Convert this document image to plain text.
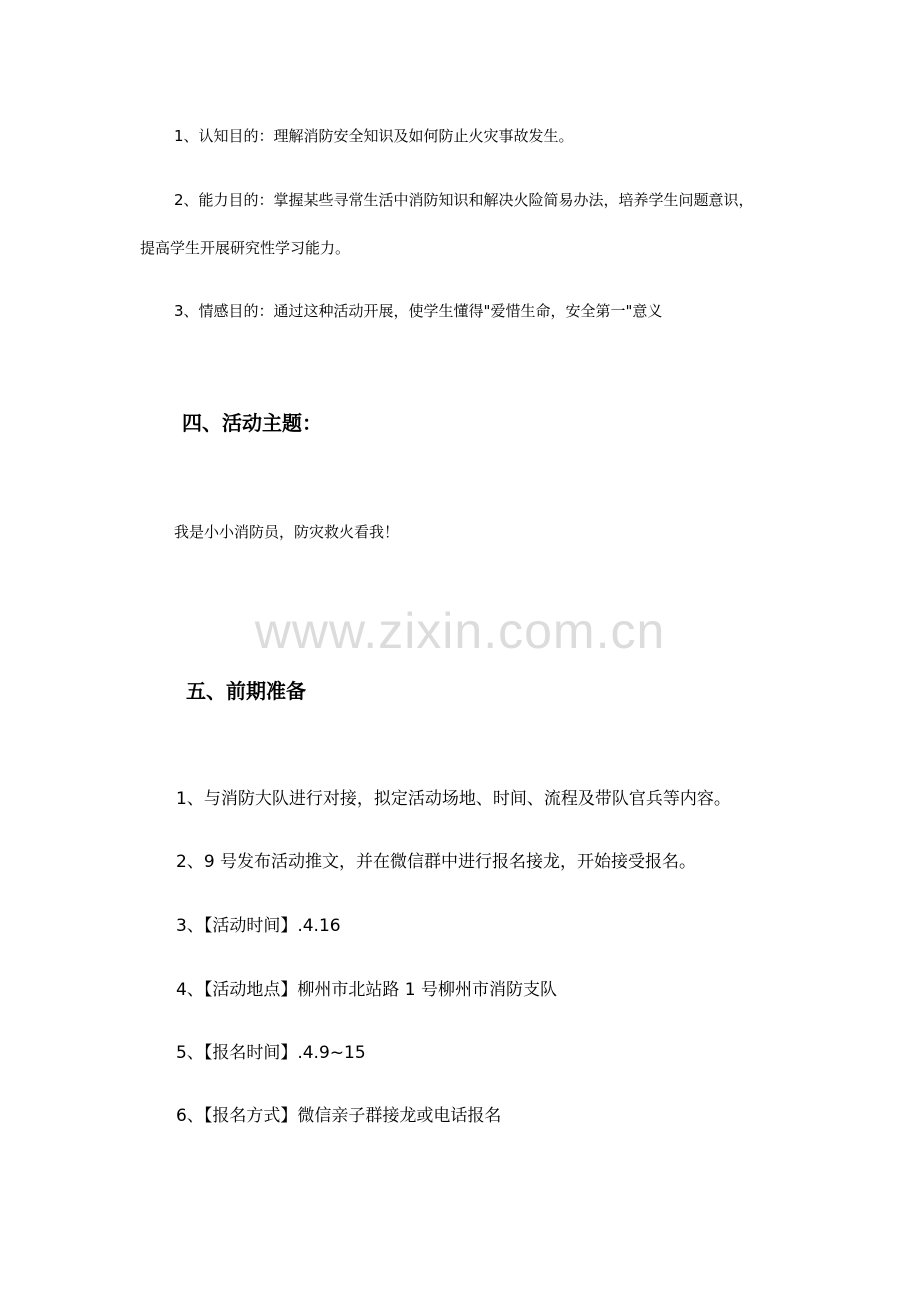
1、认知目的：理解消防安全知识及如何防止火灾事故发生。
2、能力目的：掌握某些寻常生活中消防知识和解决火险简易办法，培养学生问题意识，
提高学生开展研究性学习能力。
3、情感目的：通过这种活动开展，使学生懂得"爱惜生命，安全第一"意义
四、活动主题：
我是小小消防员，防灾救火看我！
www.zixin.com.cn
五、前期准备
1、与消防大队进行对接，拟定活动场地、时间、流程及带队官兵等内容。
2、9 号发布活动推文，并在微信群中进行报名接龙，开始接受报名。
3、【活动时间】.4.16
4、【活动地点】柳州市北站路 1 号柳州市消防支队
5、【报名时间】.4.9~15
6、【报名方式】微信亲子群接龙或电话报名
